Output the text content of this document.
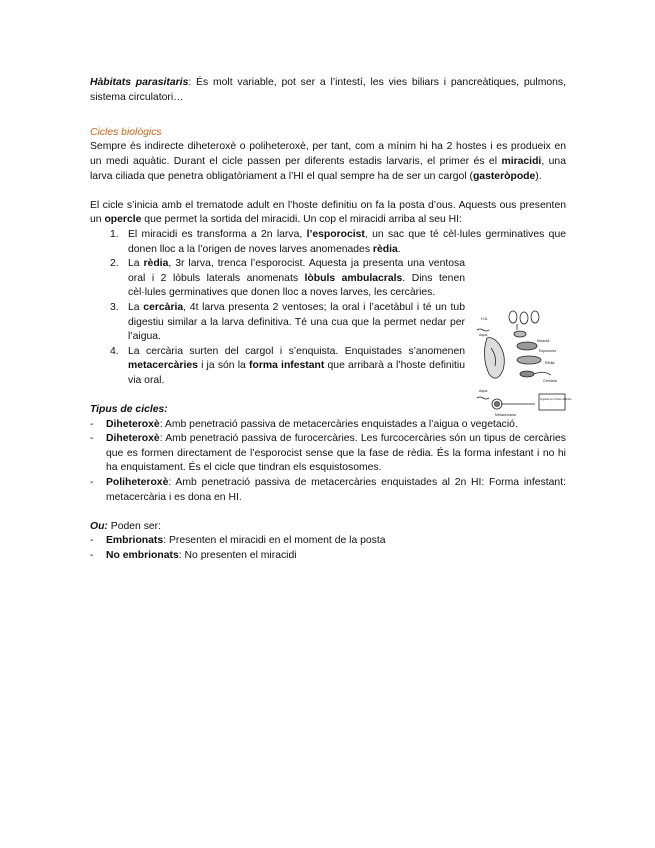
Hàbitats parasitaris: És molt variable, pot ser a l’intestí, les vies biliars i pancreàtiques, pulmons, sistema circulatori…

Cicles biològics

Sempre és indirecte diheteroxè o poliheteroxè, per tant, com a mínim hi ha 2 hostes i es produeix en un medi aquàtic. Durant el cicle passen per diferents estadis larvaris, el primer és el miracidi, una larva ciliada que penetra obligatòriament a l’HI el qual sempre ha de ser un cargol (gasteròpode).

El cicle s’inicia amb el trematode adult en l’hoste definitiu on fa la posta d’ous. Aquests ous presenten un opercle que permet la sortida del miracidi. Un cop el miracidi arriba al seu HI:

1. El miracidi es transforma a 2n larva, l’esporocist, un sac que té cèl·lules germinatives que donen lloc a la l’origen de noves larves anomenades rèdia.
2. La rèdia, 3r larva, trenca l’esporocist. Aquesta ja presenta una ventosa oral i 2 lòbuls laterals anomenats lòbuls ambulacrals. Dins tenen cèl·lules germinatives que donen lloc a noves larves, les cercàries.
3. La cercària, 4t larva presenta 2 ventoses; la oral i l’acetàbul i té un tub digestiu similar a la larva definitiva. Té una cua que la permet nedar per l’aigua.
4. La cercària surten del cargol i s’enquista. Enquistades s’anomenen metacercàries i ja són la forma infestant que arribarà a l’hoste definitiu via oral.

Tipus de cicles:

- Diheteroxè: Amb penetració passiva de metacercàries enquistades a l’aigua o vegetació.
- Diheteroxè: Amb penetració passiva de furocercàries. Les furcocercàries són un tipus de cercàries que es formen directament de l’esporocist sense que la fase de rèdia. És la forma infestant i no hi ha enquistament. És el cicle que tindran els esquistosomes.
- Poliheteroxè: Amb penetració passiva de metacercàries enquistades al 2n HI: Forma infestant: metacercària i es dona en HI.

Ou: Poden ser:

- Embrionats: Presenten el miracidi en el moment de la posta
- No embrionats: No presenten el miracidi
H.D.
Aqua
Miracidi
Esporocist
Rèdia
Cercària
Aqua
Metacercària
Ingestió per l'hoste definitiu
